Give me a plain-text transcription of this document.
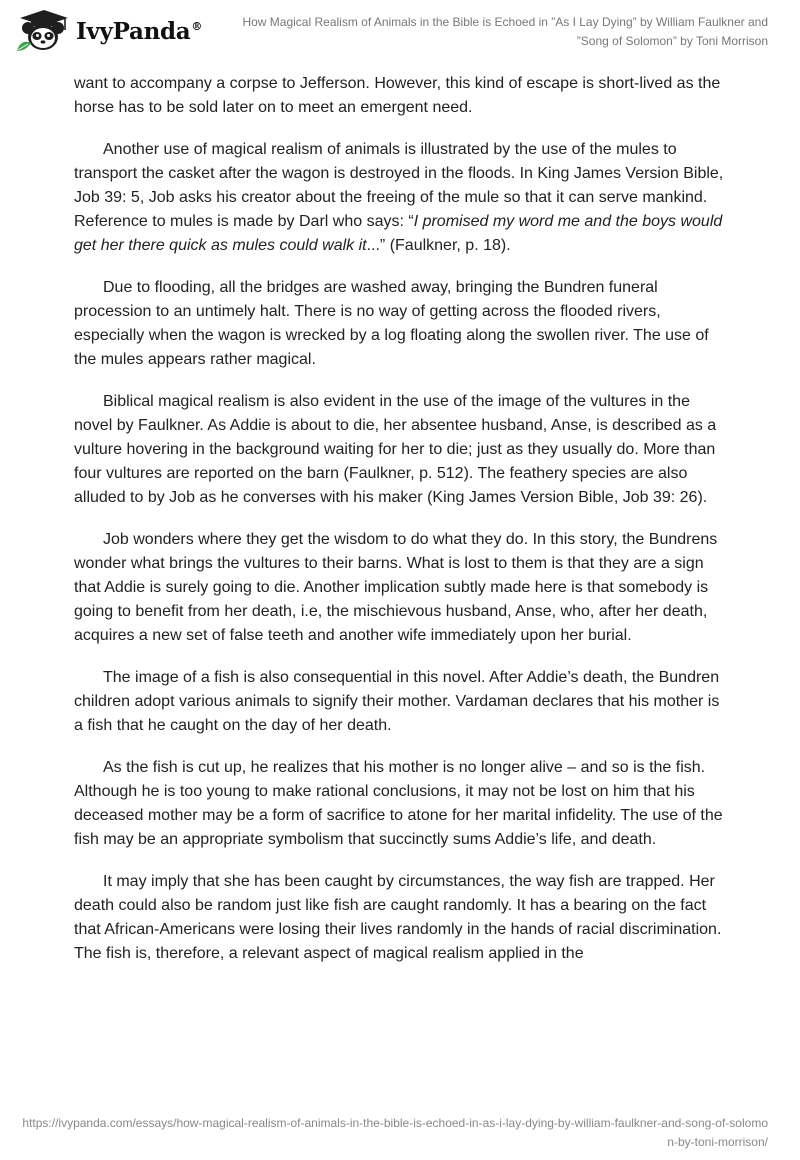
IvyPanda®	How Magical Realism of Animals in the Bible is Echoed in ”As I Lay Dying” by William Faulkner and ”Song of Solomon” by Toni Morrison

want to accompany a corpse to Jefferson. However, this kind of escape is short-lived as the horse has to be sold later on to meet an emergent need.

Another use of magical realism of animals is illustrated by the use of the mules to transport the casket after the wagon is destroyed in the floods. In King James Version Bible, Job 39: 5, Job asks his creator about the freeing of the mule so that it can serve mankind. Reference to mules is made by Darl who says: “I promised my word me and the boys would get her there quick as mules could walk it...” (Faulkner, p. 18).

Due to flooding, all the bridges are washed away, bringing the Bundren funeral procession to an untimely halt. There is no way of getting across the flooded rivers, especially when the wagon is wrecked by a log floating along the swollen river. The use of the mules appears rather magical.

Biblical magical realism is also evident in the use of the image of the vultures in the novel by Faulkner. As Addie is about to die, her absentee husband, Anse, is described as a vulture hovering in the background waiting for her to die; just as they usually do. More than four vultures are reported on the barn (Faulkner, p. 512). The feathery species are also alluded to by Job as he converses with his maker (King James Version Bible, Job 39: 26).

Job wonders where they get the wisdom to do what they do. In this story, the Bundrens wonder what brings the vultures to their barns. What is lost to them is that they are a sign that Addie is surely going to die. Another implication subtly made here is that somebody is going to benefit from her death, i.e, the mischievous husband, Anse, who, after her death, acquires a new set of false teeth and another wife immediately upon her burial.

The image of a fish is also consequential in this novel. After Addie’s death, the Bundren children adopt various animals to signify their mother. Vardaman declares that his mother is a fish that he caught on the day of her death.

As the fish is cut up, he realizes that his mother is no longer alive – and so is the fish. Although he is too young to make rational conclusions, it may not be lost on him that his deceased mother may be a form of sacrifice to atone for her marital infidelity. The use of the fish may be an appropriate symbolism that succinctly sums Addie’s life, and death.

It may imply that she has been caught by circumstances, the way fish are trapped. Her death could also be random just like fish are caught randomly. It has a bearing on the fact that African-Americans were losing their lives randomly in the hands of racial discrimination. The fish is, therefore, a relevant aspect of magical realism applied in the

https://ivypanda.com/essays/how-magical-realism-of-animals-in-the-bible-is-echoed-in-as-i-lay-dying-by-william-faulkner-and-song-of-solomon-by-toni-morrison/
